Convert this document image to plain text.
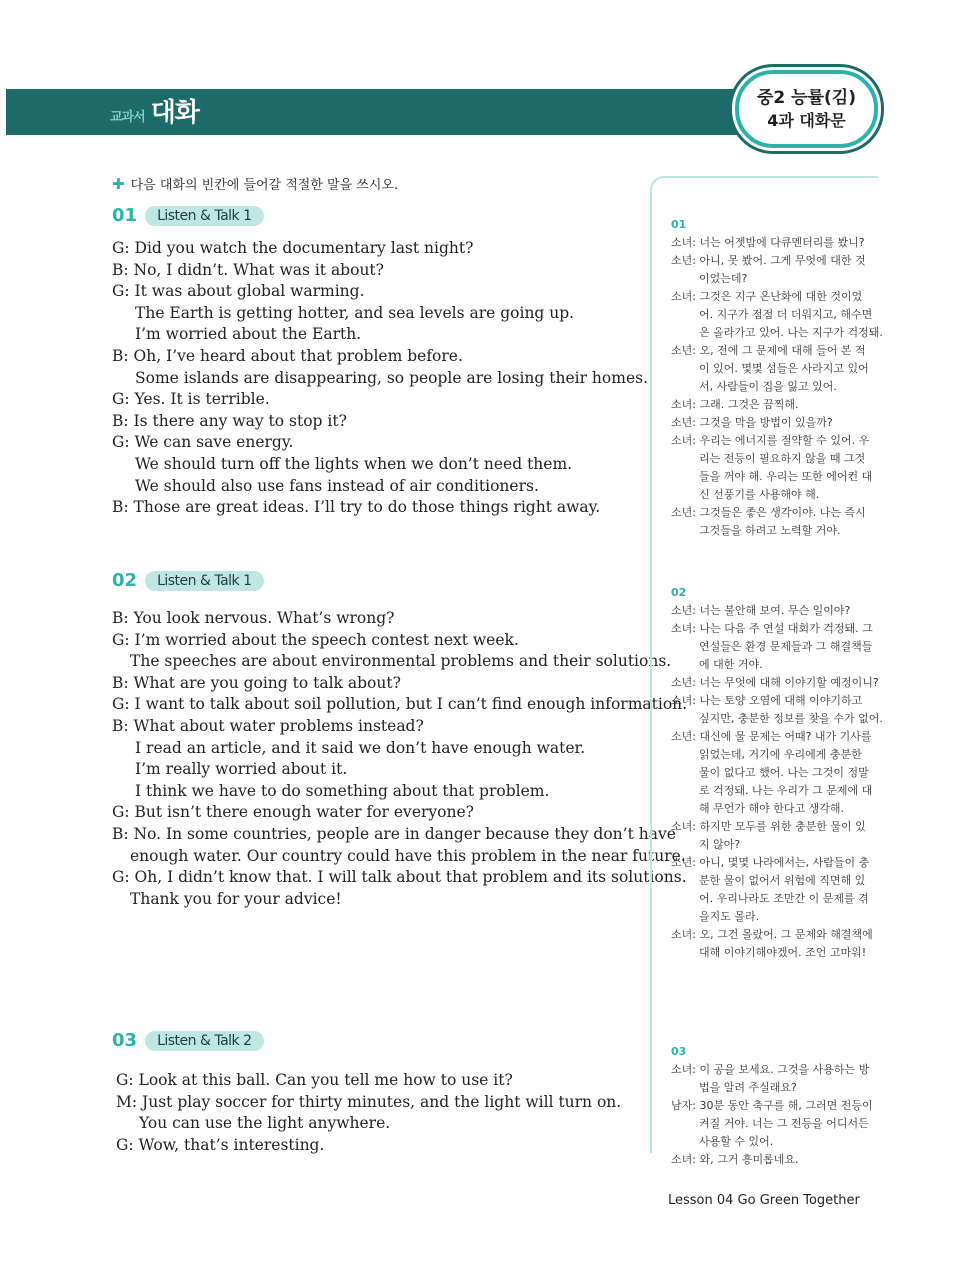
교과서 대화	중2 능률(김)
4과 대화문
✚ 다음 대화의 빈칸에 들어갈 적절한 말을 쓰시오.
01	Listen & Talk 1
G: Did you watch the documentary last night?
B: No, I didn’t. What was it about?
G: It was about global warming.
The Earth is getting hotter, and sea levels are going up.
I’m worried about the Earth.
B: Oh, I’ve heard about that problem before.
Some islands are disappearing, so people are losing their homes.
G: Yes. It is terrible.
B: Is there any way to stop it?
G: We can save energy.
We should turn off the lights when we don’t need them.
We should also use fans instead of air conditioners.
B: Those are great ideas. I’ll try to do those things right away.
02	Listen & Talk 1
B: You look nervous. What’s wrong?
G: I’m worried about the speech contest next week.
The speeches are about environmental problems and their solutions.
B: What are you going to talk about?
G: I want to talk about soil pollution, but I can’t find enough information.
B: What about water problems instead?
I read an article, and it said we don’t have enough water.
I’m really worried about it.
I think we have to do something about that problem.
G: But isn’t there enough water for everyone?
B: No. In some countries, people are in danger because they don’t have
enough water. Our country could have this problem in the near future.
G: Oh, I didn’t know that. I will talk about that problem and its solutions.
Thank you for your advice!
03	Listen & Talk 2
G: Look at this ball. Can you tell me how to use it?
M: Just play soccer for thirty minutes, and the light will turn on.
You can use the light anywhere.
G: Wow, that’s interesting.
01
소녀: 너는 어젯밤에 다큐멘터리를 봤니?
소년: 아니, 못 봤어. 그게 무엇에 대한 것
이었는데?
소녀: 그것은 지구 온난화에 대한 것이었
어. 지구가 점점 더 더워지고, 해수면
은 올라가고 있어. 나는 지구가 걱정돼.
소년: 오, 전에 그 문제에 대해 들어 본 적
이 있어. 몇몇 섬들은 사라지고 있어
서, 사람들이 집을 잃고 있어.
소녀: 그래. 그것은 끔찍해.
소년: 그것을 막을 방법이 있을까?
소녀: 우리는 에너지를 절약할 수 있어. 우
리는 전등이 필요하지 않을 때 그것
들을 꺼야 해. 우리는 또한 에어컨 대
신 선풍기를 사용해야 해.
소년: 그것들은 좋은 생각이야. 나는 즉시
그것들을 하려고 노력할 거야.
02
소년: 너는 불안해 보여. 무슨 일이야?
소녀: 나는 다음 주 연설 대회가 걱정돼. 그
연설들은 환경 문제들과 그 해결책들
에 대한 거야.
소년: 너는 무엇에 대해 이야기할 예정이니?
소녀: 나는 토양 오염에 대해 이야기하고
싶지만, 충분한 정보를 찾을 수가 없어.
소년: 대신에 물 문제는 어때? 내가 기사를
읽었는데, 거기에 우리에게 충분한
물이 없다고 했어. 나는 그것이 정말
로 걱정돼. 나는 우리가 그 문제에 대
해 무언가 해야 한다고 생각해.
소녀: 하지만 모두를 위한 충분한 물이 있
지 않아?
소년: 아니, 몇몇 나라에서는, 사람들이 충
분한 물이 없어서 위험에 직면해 있
어. 우리나라도 조만간 이 문제를 겪
을지도 몰라.
소녀: 오, 그건 몰랐어. 그 문제와 해결책에
대해 이야기해야겠어. 조언 고마워!
03
소녀: 이 공을 보세요. 그것을 사용하는 방
법을 알려 주실래요?
남자: 30분 동안 축구를 해, 그러면 전등이
켜질 거야. 너는 그 전등을 어디서든
사용할 수 있어.
소녀: 와, 그거 흥미롭네요.
Lesson 04 Go Green Together
